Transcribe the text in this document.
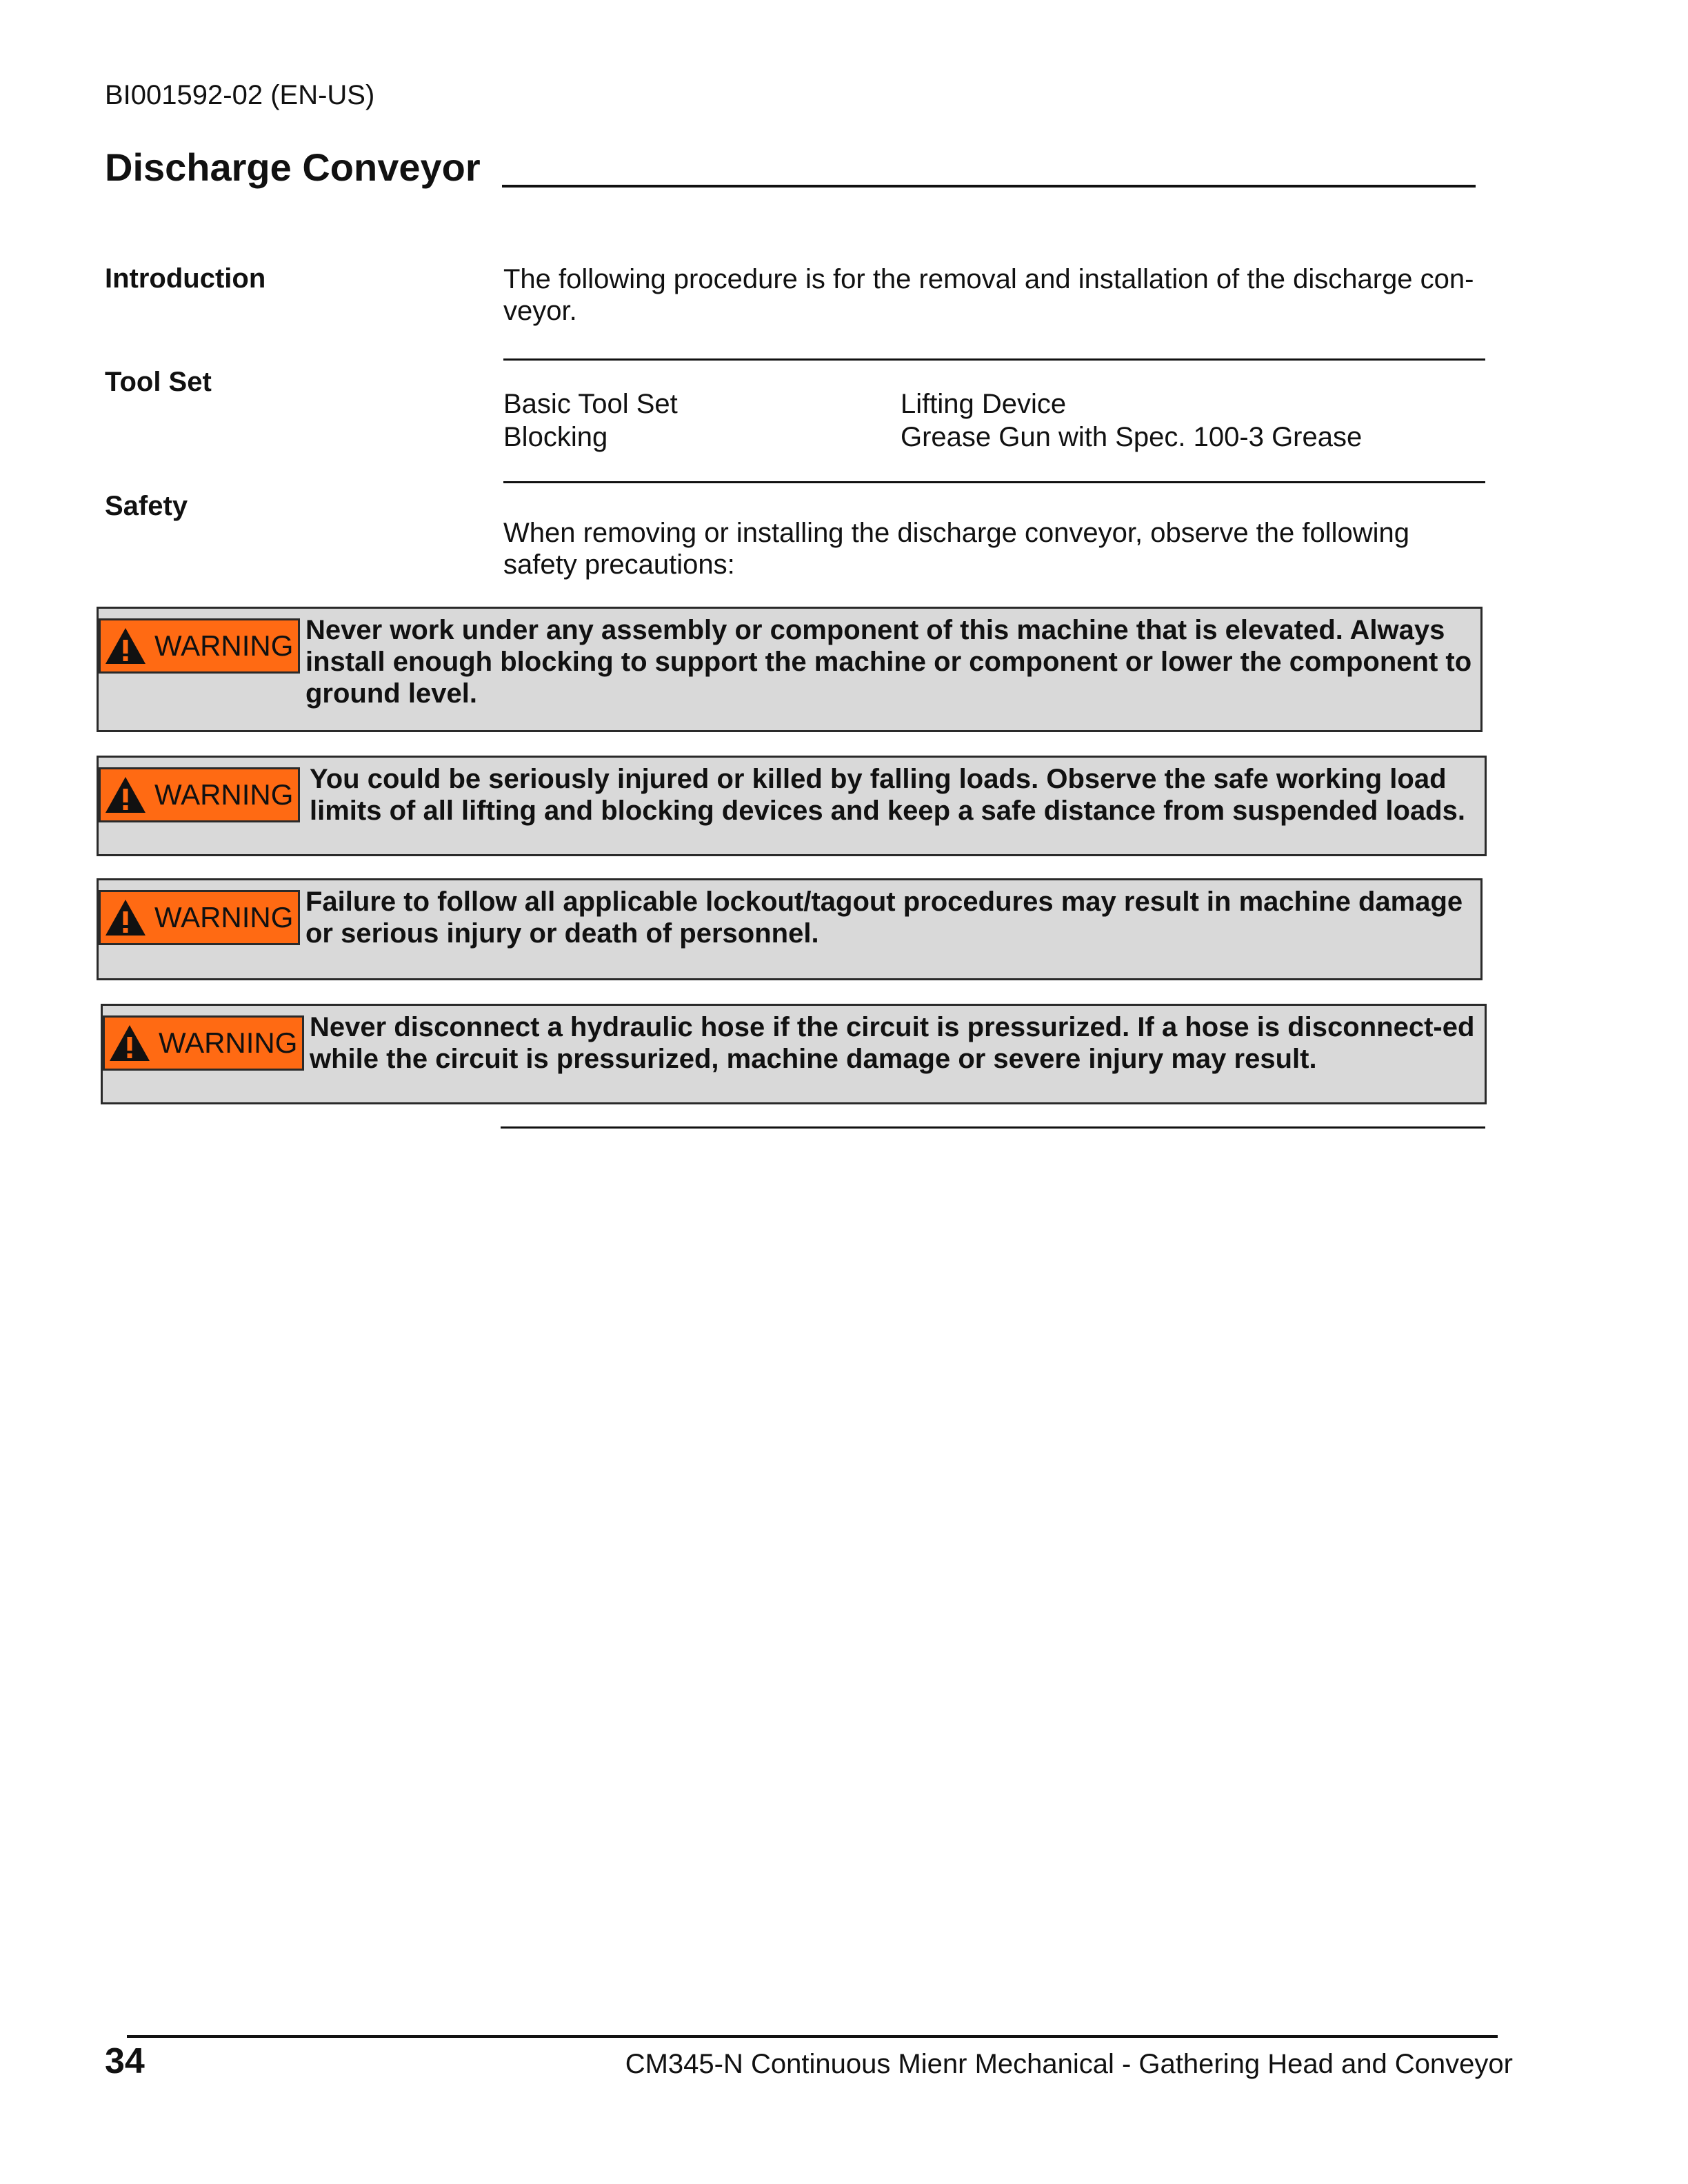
BI001592-02 (EN-US)
Discharge Conveyor
Introduction	The following procedure is for the removal and installation of the discharge con-veyor.
Tool Set
Basic Tool Set	Lifting Device
Blocking	Grease Gun with Spec. 100-3 Grease
Safety
When removing or installing the discharge conveyor, observe the following safety precautions:
WARNING Never work under any assembly or component of this machine that is elevated. Always install enough blocking to support the machine or component or lower the component to ground level.
WARNING You could be seriously injured or killed by falling loads. Observe the safe working load limits of all lifting and blocking devices and keep a safe distance from suspended loads.
WARNING Failure to follow all applicable lockout/tagout procedures may result in machine damage or serious injury or death of personnel.
WARNING Never disconnect a hydraulic hose if the circuit is pressurized. If a hose is disconnect-ed while the circuit is pressurized, machine damage or severe injury may result.
34	CM345-N Continuous Mienr Mechanical - Gathering Head and Conveyor
